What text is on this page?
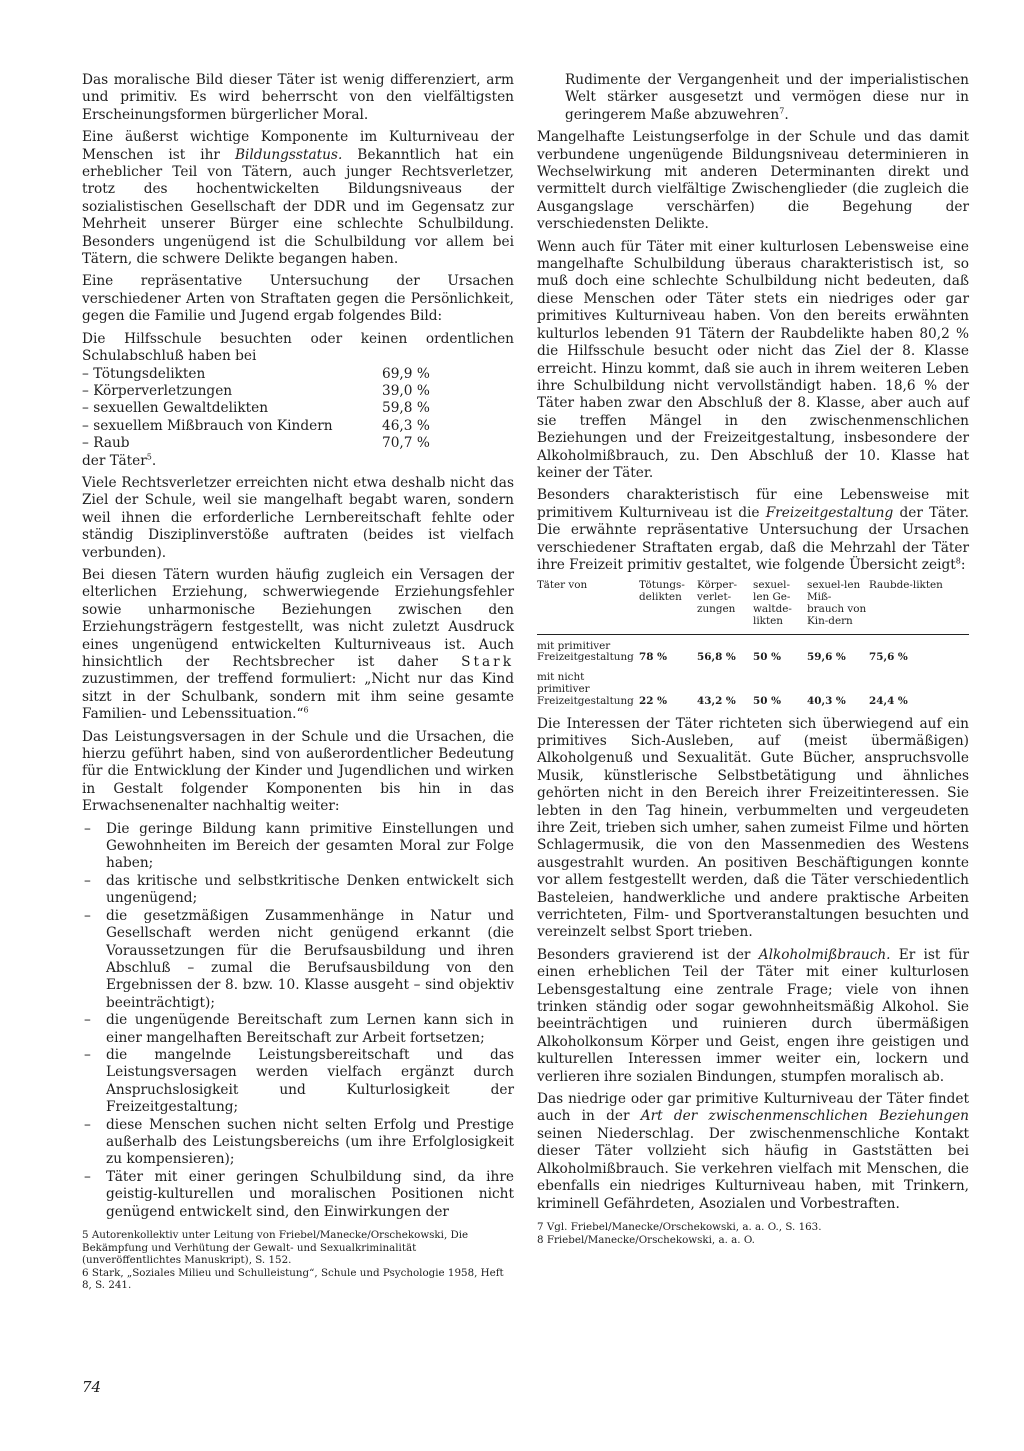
Das moralische Bild dieser Täter ist wenig differenziert, arm und primitiv. Es wird beherrscht von den vielfältigsten Erscheinungsformen bürgerlicher Moral.

Eine äußerst wichtige Komponente im Kulturniveau der Menschen ist ihr Bildungsstatus. Bekanntlich hat ein erheblicher Teil von Tätern, auch junger Rechtsverletzer, trotz des hochentwickelten Bildungsniveaus der sozialistischen Gesellschaft der DDR und im Gegensatz zur Mehrheit unserer Bürger eine schlechte Schulbildung. Besonders ungenügend ist die Schulbildung vor allem bei Tätern, die schwere Delikte begangen haben.

Eine repräsentative Untersuchung der Ursachen verschiedener Arten von Straftaten gegen die Persönlichkeit, gegen die Familie und Jugend ergab folgendes Bild:

Die Hilfsschule besuchten oder keinen ordentlichen Schulabschluß haben bei

– Tötungsdelikten	69,9 %
– Körperverletzungen	39,0 %
– sexuellen Gewaltdelikten	59,8 %
– sexuellem Mißbrauch von Kindern	46,3 %
– Raub	70,7 %

der Täter$^5$.

Viele Rechtsverletzer erreichten nicht etwa deshalb nicht das Ziel der Schule, weil sie mangelhaft begabt waren, sondern weil ihnen die erforderliche Lernbereitschaft fehlte oder ständig Disziplinverstöße auftraten (beides ist vielfach verbunden).

Bei diesen Tätern wurden häufig zugleich ein Versagen der elterlichen Erziehung, schwerwiegende Erziehungsfehler sowie unharmonische Beziehungen zwischen den Erziehungsträgern festgestellt, was nicht zuletzt Ausdruck eines ungenügend entwickelten Kulturniveaus ist. Auch hinsichtlich der Rechtsbrecher ist daher Stark zuzustimmen, der treffend formuliert: „Nicht nur das Kind sitzt in der Schulbank, sondern mit ihm seine gesamte Familien- und Lebenssituation.“$^6$

Das Leistungsversagen in der Schule und die Ursachen, die hierzu geführt haben, sind von außerordentlicher Bedeutung für die Entwicklung der Kinder und Jugendlichen und wirken in Gestalt folgender Komponenten bis hin in das Erwachsenenalter nachhaltig weiter:

– Die geringe Bildung kann primitive Einstellungen und Gewohnheiten im Bereich der gesamten Moral zur Folge haben;
– das kritische und selbstkritische Denken entwickelt sich ungenügend;
– die gesetzmäßigen Zusammenhänge in Natur und Gesellschaft werden nicht genügend erkannt (die Voraussetzungen für die Berufsausbildung und ihren Abschluß – zumal die Berufsausbildung von den Ergebnissen der 8. bzw. 10. Klasse ausgeht – sind objektiv beeinträchtigt);
– die ungenügende Bereitschaft zum Lernen kann sich in einer mangelhaften Bereitschaft zur Arbeit fortsetzen;
– die mangelnde Leistungsbereitschaft und das Leistungsversagen werden vielfach ergänzt durch Anspruchslosigkeit und Kulturlosigkeit der Freizeitgestaltung;
– diese Menschen suchen nicht selten Erfolg und Prestige außerhalb des Leistungsbereichs (um ihre Erfolglosigkeit zu kompensieren);
– Täter mit einer geringen Schulbildung sind, da ihre geistig-kulturellen und moralischen Positionen nicht genügend entwickelt sind, den Einwirkungen der

5 Autorenkollektiv unter Leitung von Friebel/Manecke/Orschekowski, Die Bekämpfung und Verhütung der Gewalt- und Sexualkriminalität (unveröffentlichtes Manuskript), S. 152.

6 Stark, „Soziales Milieu und Schulleistung“, Schule und Psychologie 1958, Heft 8, S. 241.

Rudimente der Vergangenheit und der imperialistischen Welt stärker ausgesetzt und vermögen diese nur in geringerem Maße abzuwehren$^7$.

Mangelhafte Leistungserfolge in der Schule und das damit verbundene ungenügende Bildungsniveau determinieren in Wechselwirkung mit anderen Determinanten direkt und vermittelt durch vielfältige Zwischenglieder (die zugleich die Ausgangslage verschärfen) die Begehung der verschiedensten Delikte.

Wenn auch für Täter mit einer kulturlosen Lebensweise eine mangelhafte Schulbildung überaus charakteristisch ist, so muß doch eine schlechte Schulbildung nicht bedeuten, daß diese Menschen oder Täter stets ein niedriges oder gar primitives Kulturniveau haben. Von den bereits erwähnten kulturlos lebenden 91 Tätern der Raubdelikte haben 80,2 % die Hilfsschule besucht oder nicht das Ziel der 8. Klasse erreicht. Hinzu kommt, daß sie auch in ihrem weiteren Leben ihre Schulbildung nicht vervollständigt haben. 18,6 % der Täter haben zwar den Abschluß der 8. Klasse, aber auch auf sie treffen Mängel in den zwischenmenschlichen Beziehungen und der Freizeitgestaltung, insbesondere der Alkoholmißbrauch, zu. Den Abschluß der 10. Klasse hat keiner der Täter.

Besonders charakteristisch für eine Lebensweise mit primitivem Kulturniveau ist die Freizeitgestaltung der Täter. Die erwähnte repräsentative Untersuchung der Ursachen verschiedener Straftaten ergab, daß die Mehrzahl der Täter ihre Freizeit primitiv gestaltet, wie folgende Übersicht zeigt$^8$:

Täter von	Tötungs-delikten	Körper-verlet-zungen	sexuel-len Ge-waltde-likten	sexuel-len Miß-brauch von Kin-dern	Raubde-likten
mit primitiver Freizeitgestaltung	78 %	56,8 %	50 %	59,6 %	75,6 %
mit nicht primitiver Freizeitgestaltung	22 %	43,2 %	50 %	40,3 %	24,4 %

Die Interessen der Täter richteten sich überwiegend auf ein primitives Sich-Ausleben, auf (meist übermäßigen) Alkoholgenuß und Sexualität. Gute Bücher, anspruchsvolle Musik, künstlerische Selbstbetätigung und ähnliches gehörten nicht in den Bereich ihrer Freizeitinteressen. Sie lebten in den Tag hinein, verbummelten und vergeudeten ihre Zeit, trieben sich umher, sahen zumeist Filme und hörten Schlagermusik, die von den Massenmedien des Westens ausgestrahlt wurden. An positiven Beschäftigungen konnte vor allem festgestellt werden, daß die Täter verschiedentlich Basteleien, handwerkliche und andere praktische Arbeiten verrichteten, Film- und Sportveranstaltungen besuchten und vereinzelt selbst Sport trieben.

Besonders gravierend ist der Alkoholmißbrauch. Er ist für einen erheblichen Teil der Täter mit einer kulturlosen Lebensgestaltung eine zentrale Frage; viele von ihnen trinken ständig oder sogar gewohnheitsmäßig Alkohol. Sie beeinträchtigen und ruinieren durch übermäßigen Alkoholkonsum Körper und Geist, engen ihre geistigen und kulturellen Interessen immer weiter ein, lockern und verlieren ihre sozialen Bindungen, stumpfen moralisch ab.

Das niedrige oder gar primitive Kulturniveau der Täter findet auch in der Art der zwischenmenschlichen Beziehungen seinen Niederschlag. Der zwischenmenschliche Kontakt dieser Täter vollzieht sich häufig in Gaststätten bei Alkoholmißbrauch. Sie verkehren vielfach mit Menschen, die ebenfalls ein niedriges Kulturniveau haben, mit Trinkern, kriminell Gefährdeten, Asozialen und Vorbestraften.

7 Vgl. Friebel/Manecke/Orschekowski, a. a. O., S. 163.

8 Friebel/Manecke/Orschekowski, a. a. O.

74
